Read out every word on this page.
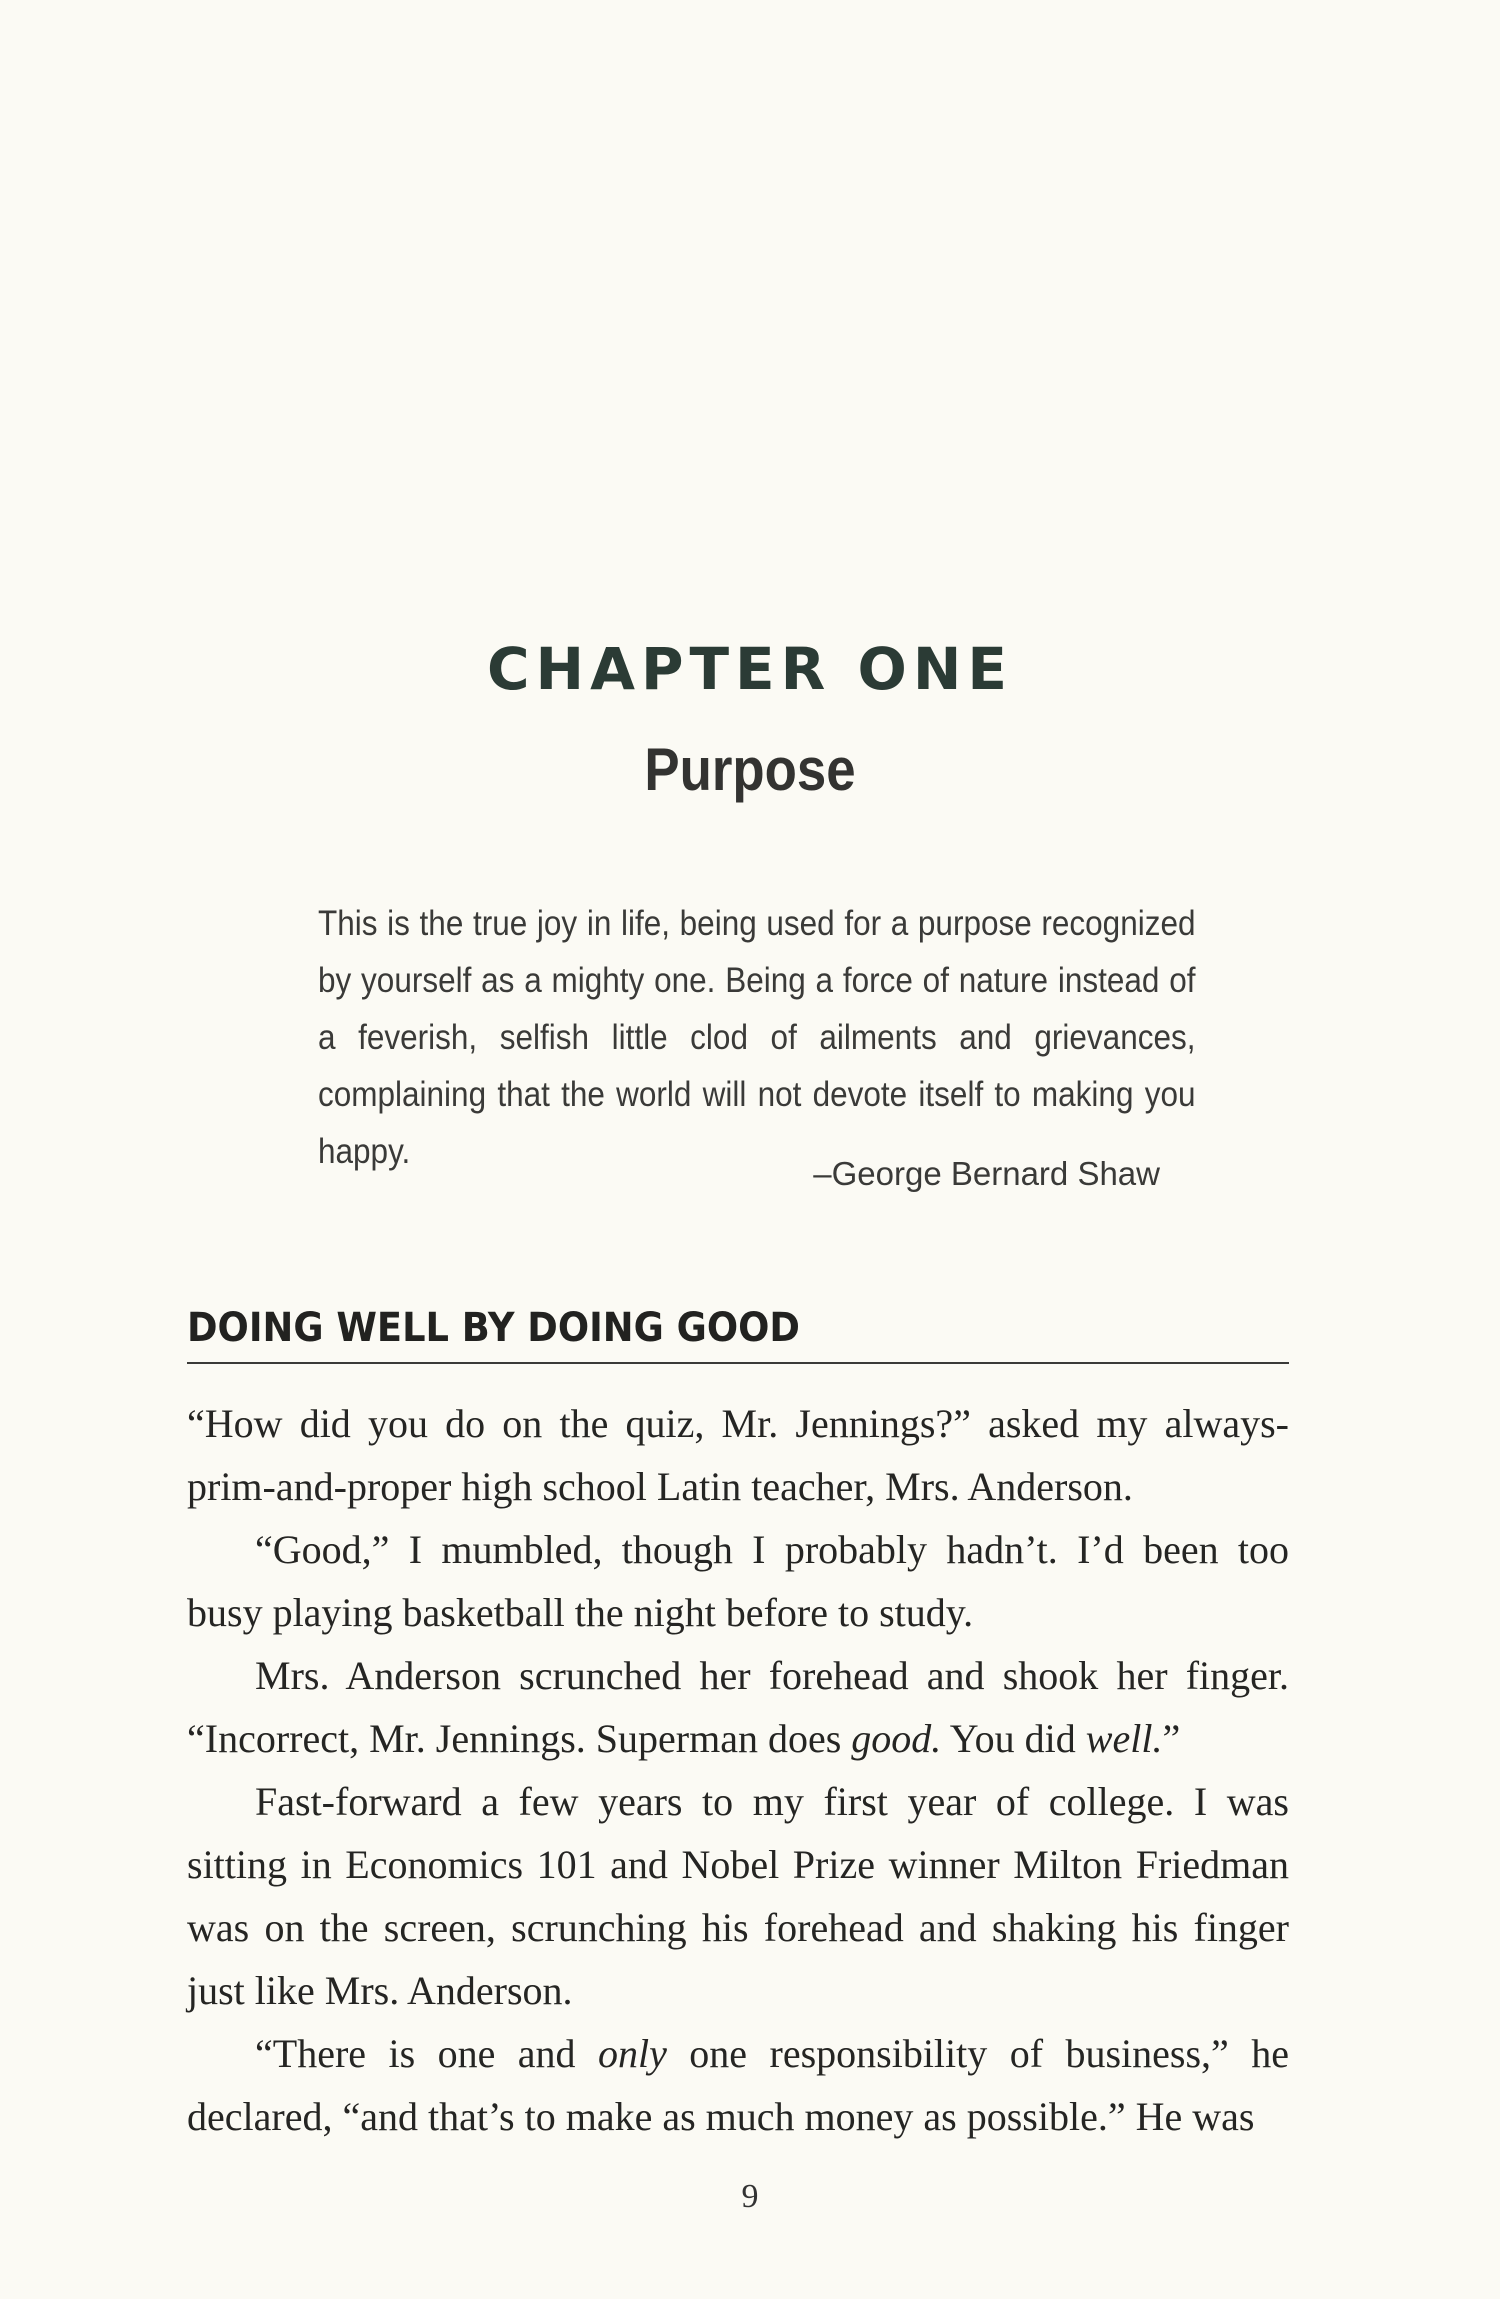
CHAPTER ONE
Purpose

This is the true joy in life, being used for a purpose recognized by yourself as a mighty one. Being a force of nature instead of a feverish, selfish little clod of ailments and grievances, complaining that the world will not devote itself to making you happy.

–George Bernard Shaw

DOING WELL BY DOING GOOD

“How did you do on the quiz, Mr. Jennings?” asked my always-prim-and-proper high school Latin teacher, Mrs. Anderson.

“Good,” I mumbled, though I probably hadn’t. I’d been too busy playing basketball the night before to study.

Mrs. Anderson scrunched her forehead and shook her finger. “Incorrect, Mr. Jennings. Superman does good. You did well.”

Fast-forward a few years to my first year of college. I was sitting in Economics 101 and Nobel Prize winner Milton Friedman was on the screen, scrunching his forehead and shaking his finger just like Mrs. Anderson.

“There is one and only one responsibility of business,” he declared, “and that’s to make as much money as possible.” He was

9
